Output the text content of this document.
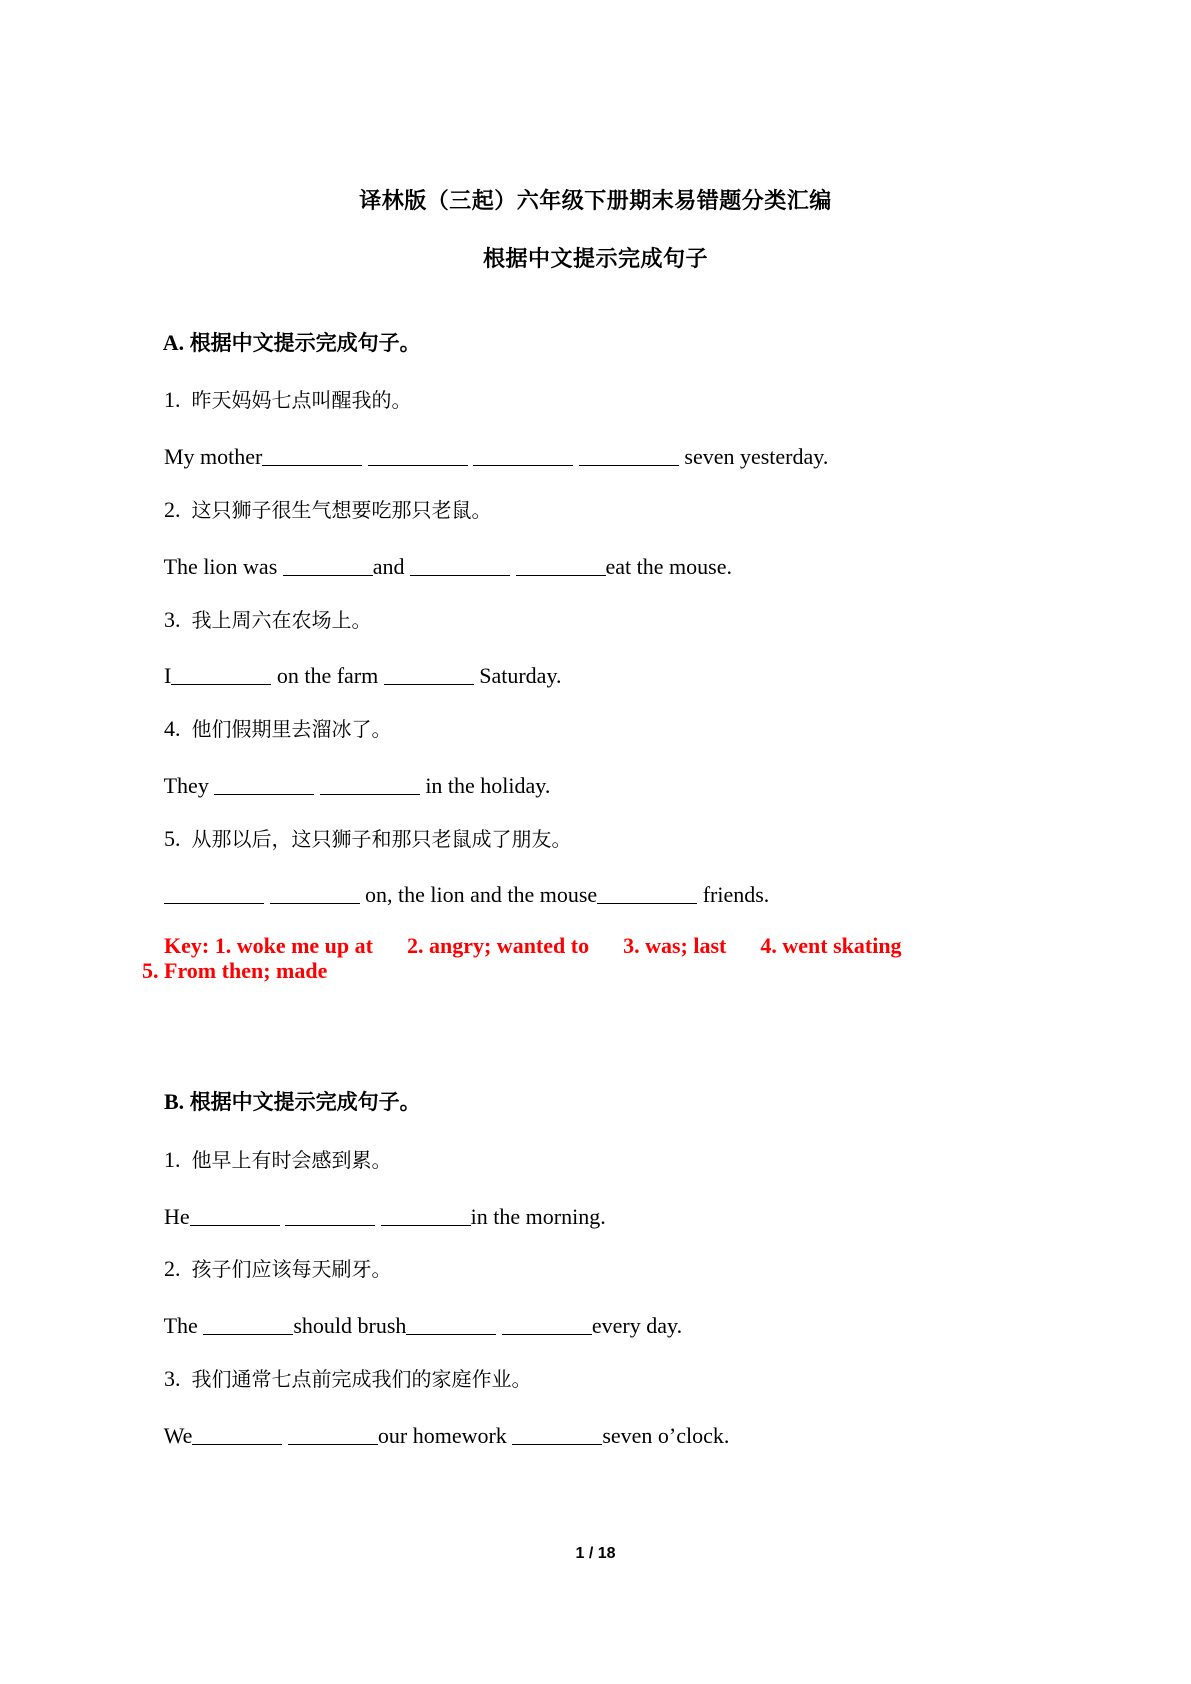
译林版（三起）六年级下册期末易错题分类汇编
根据中文提示完成句子

A. 根据中文提示完成句子。

1. 昨天妈妈七点叫醒我的。

My mother	seven yesterday.

2. 这只狮子很生气想要吃那只老鼠。

The lion was	and	eat the mouse.

3. 我上周六在农场上。

I	on the farm	Saturday.

4. 他们假期里去溜冰了。

They	in the holiday.

5. 从那以后，这只狮子和那只老鼠成了朋友。

on, the lion and the mouse	friends.

Key: 1. woke me up at 2. angry; wanted to 3. was; last 4. went skating

5. From then; made

B. 根据中文提示完成句子。

1. 他早上有时会感到累。

He	in the morning.

2. 孩子们应该每天刷牙。

The	should brush	every day.

3. 我们通常七点前完成我们的家庭作业。

We	our homework	seven o’clock.

1 / 18
